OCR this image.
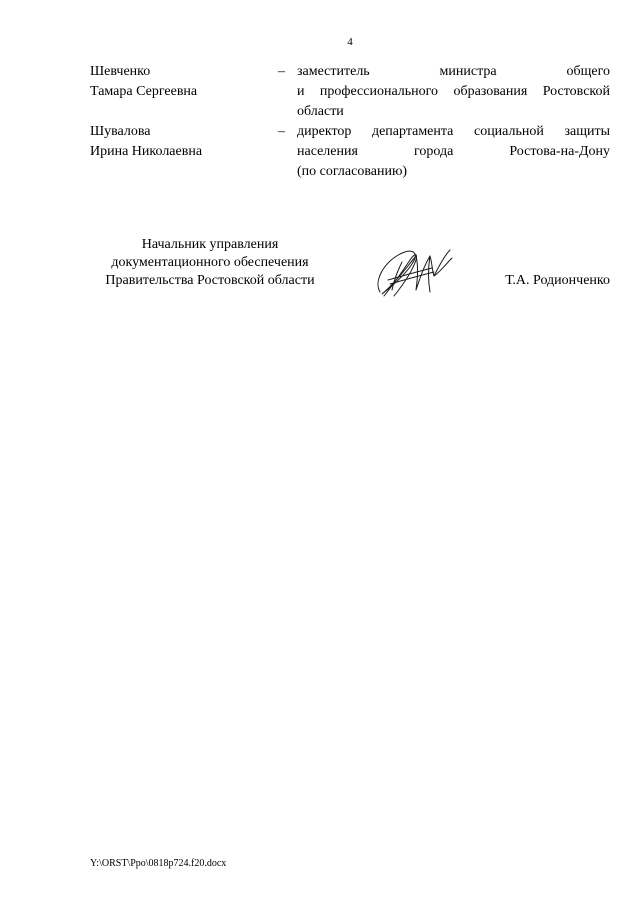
4
Шевченко
Тамара Сергеевна
– заместитель министра общего
и профессионального образования Ростовской
области
Шувалова
Ирина Николаевна
– директор департамента социальной защиты
населения города Ростова-на-Дону
(по согласованию)
Начальник управления
документационного обеспечения
Правительства Ростовской области	Т.А. Родионченко
Y:\ORST\Ppo\0818p724.f20.docx
